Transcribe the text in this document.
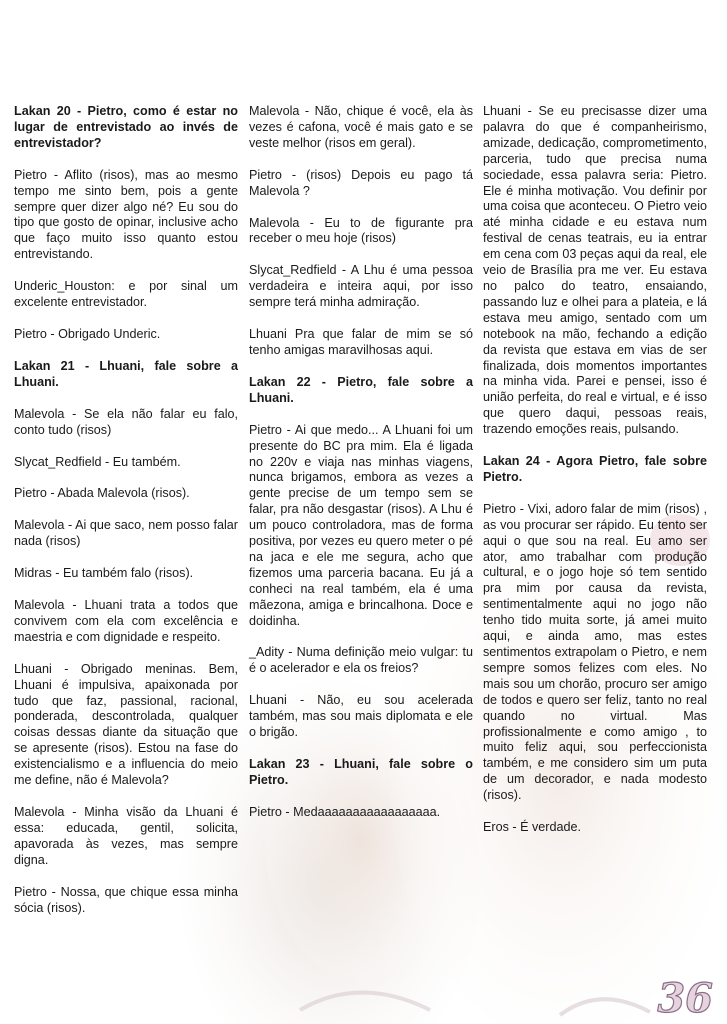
Lakan 20 - Pietro, como é estar no lugar de entrevistado ao invés de entrevistador?

Pietro - Aflito (risos), mas ao mesmo tempo me sinto bem, pois a gente sempre quer dizer algo né? Eu sou do tipo que gosto de opinar, inclusive acho que faço muito isso quanto estou entrevistando.

Underic_Houston: e por sinal um excelente entrevistador.

Pietro - Obrigado Underic.

Lakan 21 - Lhuani, fale sobre a Lhuani.

Malevola - Se ela não falar eu falo, conto tudo (risos)

Slycat_Redfield - Eu também.

Pietro - Abada Malevola (risos).

Malevola - Ai que saco, nem posso falar nada (risos)

Midras - Eu também falo (risos).

Malevola - Lhuani trata a todos que convivem com ela com excelência e maestria e com dignidade e respeito.

Lhuani - Obrigado meninas. Bem, Lhuani é impulsiva, apaixonada por tudo que faz, passional, racional, ponderada, descontrolada, qualquer coisas dessas diante da situação que se apresente (risos). Estou na fase do existencialismo e a influencia do meio me define, não é Malevola?

Malevola - Minha visão da Lhuani é essa: educada, gentil, solicita, apavorada às vezes, mas sempre digna.

Pietro - Nossa, que chique essa minha sócia (risos).

Malevola - Não, chique é você, ela às vezes é cafona, você é mais gato e se veste melhor (risos em geral).

Pietro - (risos) Depois eu pago tá Malevola ?

Malevola - Eu to de figurante pra receber o meu hoje (risos)

Slycat_Redfield - A Lhu é uma pessoa verdadeira e inteira aqui, por isso sempre terá minha admiração.

Lhuani Pra que falar de mim se só tenho amigas maravilhosas aqui.

Lakan 22 - Pietro, fale sobre a Lhuani.

Pietro - Ai que medo... A Lhuani foi um presente do BC pra mim. Ela é ligada no 220v e viaja nas minhas viagens, nunca brigamos, embora as vezes a gente precise de um tempo sem se falar, pra não desgastar (risos). A Lhu é um pouco controladora, mas de forma positiva, por vezes eu quero meter o pé na jaca e ele me segura, acho que fizemos uma parceria bacana. Eu já a conheci na real também, ela é uma mãezona, amiga e brincalhona. Doce e doidinha.

_Adity - Numa definição meio vulgar: tu é o acelerador e ela os freios?

Lhuani - Não, eu sou acelerada também, mas sou mais diplomata e ele o brigão.

Lakan 23 - Lhuani, fale sobre o Pietro.

Pietro - Medaaaaaaaaaaaaaaaaa.

Lhuani - Se eu precisasse dizer uma palavra do que é companheirismo, amizade, dedicação, comprometimento, parceria, tudo que precisa numa sociedade, essa palavra seria: Pietro. Ele é minha motivação. Vou definir por uma coisa que aconteceu. O Pietro veio até minha cidade e eu estava num festival de cenas teatrais, eu ia entrar em cena com 03 peças aqui da real, ele veio de Brasília pra me ver. Eu estava no palco do teatro, ensaiando, passando luz e olhei para a plateia, e lá estava meu amigo, sentado com um notebook na mão, fechando a edição da revista que estava em vias de ser finalizada, dois momentos importantes na minha vida. Parei e pensei, isso é união perfeita, do real e virtual, e é isso que quero daqui, pessoas reais, trazendo emoções reais, pulsando.

Lakan 24 - Agora Pietro, fale sobre Pietro.

Pietro - Vixi, adoro falar de mim (risos) , as vou procurar ser rápido. Eu tento ser aqui o que sou na real. Eu amo ser ator, amo trabalhar com produção cultural, e o jogo hoje só tem sentido pra mim por causa da revista, sentimentalmente aqui no jogo não tenho tido muita sorte, já amei muito aqui, e ainda amo, mas estes sentimentos extrapolam o Pietro, e nem sempre somos felizes com eles. No mais sou um chorão, procuro ser amigo de todos e quero ser feliz, tanto no real quando no virtual. Mas profissionalmente e como amigo , to muito feliz aqui, sou perfeccionista também, e me considero sim um puta de um decorador, e nada modesto (risos).

Eros - É verdade.

36
